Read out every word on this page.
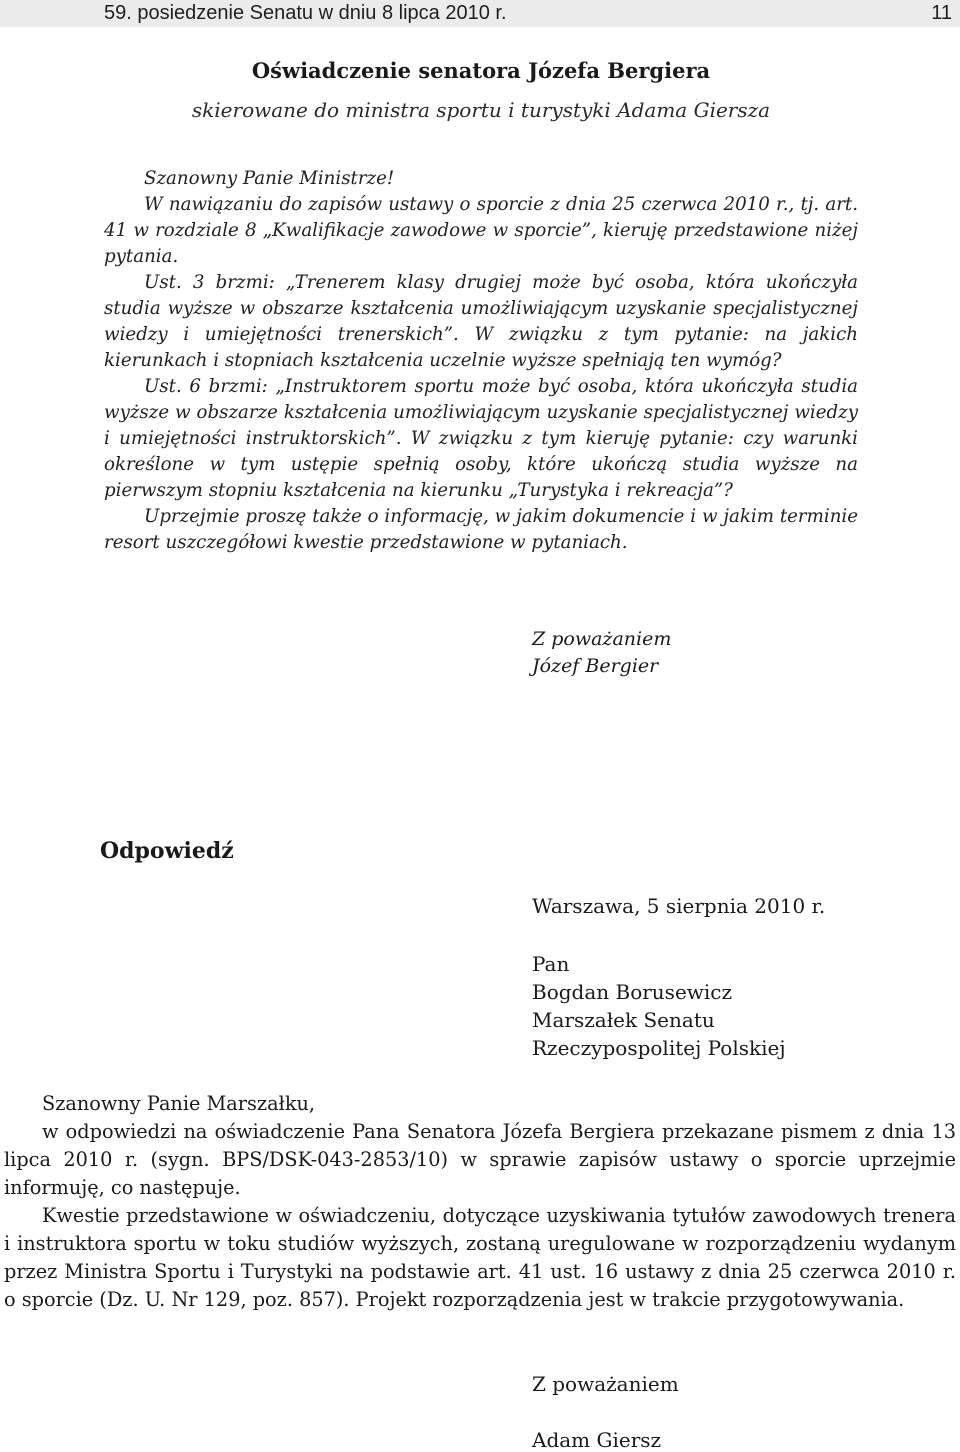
59. posiedzenie Senatu w dniu 8 lipca 2010 r.	11
Oświadczenie senatora Józefa Bergiera
skierowane do ministra sportu i turystyki Adama Giersza

Szanowny Panie Ministrze!

W nawiązaniu do zapisów ustawy o sporcie z dnia 25 czerwca 2010 r., tj. art. 41 w rozdziale 8 „Kwalifikacje zawodowe w sporcie”, kieruję przedstawione niżej pytania.

Ust. 3 brzmi: „Trenerem klasy drugiej może być osoba, która ukończyła studia wyższe w obszarze kształcenia umożliwiającym uzyskanie specjalistycznej wiedzy i umiejętności trenerskich”. W związku z tym pytanie: na jakich kierunkach i stopniach kształcenia uczelnie wyższe spełniają ten wymóg?

Ust. 6 brzmi: „Instruktorem sportu może być osoba, która ukończyła studia wyższe w obszarze kształcenia umożliwiającym uzyskanie specjalistycznej wiedzy i umiejętności instruktorskich”. W związku z tym kieruję pytanie: czy warunki określone w tym ustępie spełnią osoby, które ukończą studia wyższe na pierwszym stopniu kształcenia na kierunku „Turystyka i rekreacja”?

Uprzejmie proszę także o informację, w jakim dokumencie i w jakim terminie resort uszczegółowi kwestie przedstawione w pytaniach.

Z poważaniem
Józef Bergier
Odpowiedź
Warszawa, 5 sierpnia 2010 r.
Pan
Bogdan Borusewicz
Marszałek Senatu
Rzeczypospolitej Polskiej

Szanowny Panie Marszałku,

w odpowiedzi na oświadczenie Pana Senatora Józefa Bergiera przekazane pismem z dnia 13 lipca 2010 r. (sygn. BPS/DSK-043-2853/10) w sprawie zapisów ustawy o sporcie uprzejmie informuję, co następuje.

Kwestie przedstawione w oświadczeniu, dotyczące uzyskiwania tytułów zawodowych trenera i instruktora sportu w toku studiów wyższych, zostaną uregulowane w rozporządzeniu wydanym przez Ministra Sportu i Turystyki na podstawie art. 41 ust. 16 ustawy z dnia 25 czerwca 2010 r. o sporcie (Dz. U. Nr 129, poz. 857). Projekt rozporządzenia jest w trakcie przygotowywania.

Z poważaniem
Adam Giersz
